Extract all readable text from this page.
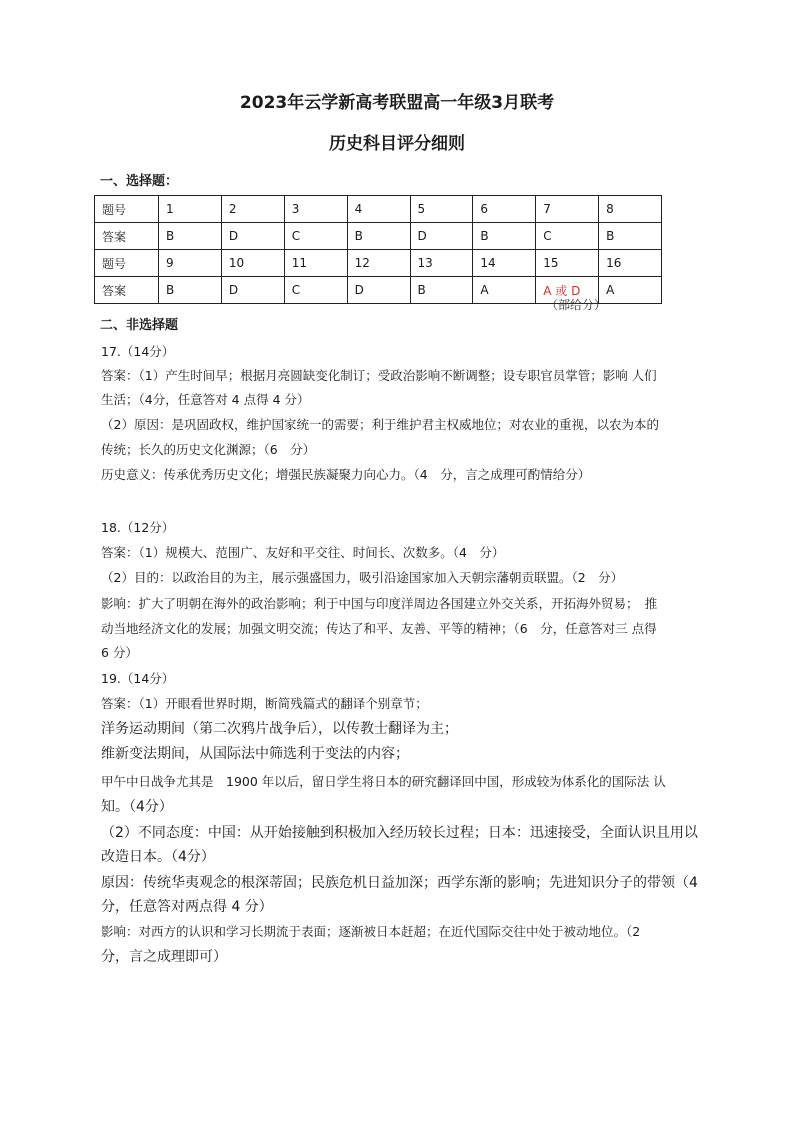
2023年云学新高考联盟高一年级3月联考
历史科目评分细则
一、选择题：
题号	1	2	3	4	5	6	7	8
答案	B	D	C	B	D	B	C	B
题号	9	10	11	12	13	14	15	16
答案	B	D	C	D	B	A	A 或 D	A
（部给分）
二、非选择题
17.（14分）
答案：（1）产生时间早；根据月亮圆缺变化制订；受政治影响不断调整；设专职官员掌管；影响 人们
生活；（4分，任意答对 4 点得 4 分）
（2）原因：是巩固政权，维护国家统一的需要；利于维护君主权威地位；对农业的重视，以农为本的
传统；长久的历史文化渊源；（6　分）
历史意义：传承优秀历史文化；增强民族凝聚力向心力。（4　分，言之成理可酌情给分）
18.（12分）
答案：（1）规模大、范围广、友好和平交往、时间长、次数多。（4　分）
（2）目的：以政治目的为主，展示强盛国力，吸引沿途国家加入天朝宗藩朝贡联盟。（2　分）
影响：扩大了明朝在海外的政治影响；利于中国与印度洋周边各国建立外交关系，开拓海外贸易；　推
动当地经济文化的发展；加强文明交流；传达了和平、友善、平等的精神；（6　分，任意答对三 点得
6 分）
19.（14分）
答案：（1）开眼看世界时期，断简残篇式的翻译个别章节；
洋务运动期间（第二次鸦片战争后），以传教士翻译为主；
维新变法期间，从国际法中筛选利于变法的内容；
甲午中日战争尤其是　1900 年以后，留日学生将日本的研究翻译回中国，形成较为体系化的国际法 认
知。（4分）
（2）不同态度：中国：从开始接触到积极加入经历较长过程；日本：迅速接受，全面认识且用以
改造日本。（4分）
原因：传统华夷观念的根深蒂固；民族危机日益加深；西学东渐的影响；先进知识分子的带领（4
分，任意答对两点得 4 分）
影响：对西方的认识和学习长期流于表面；逐渐被日本赶超；在近代国际交往中处于被动地位。（2
分，言之成理即可）
